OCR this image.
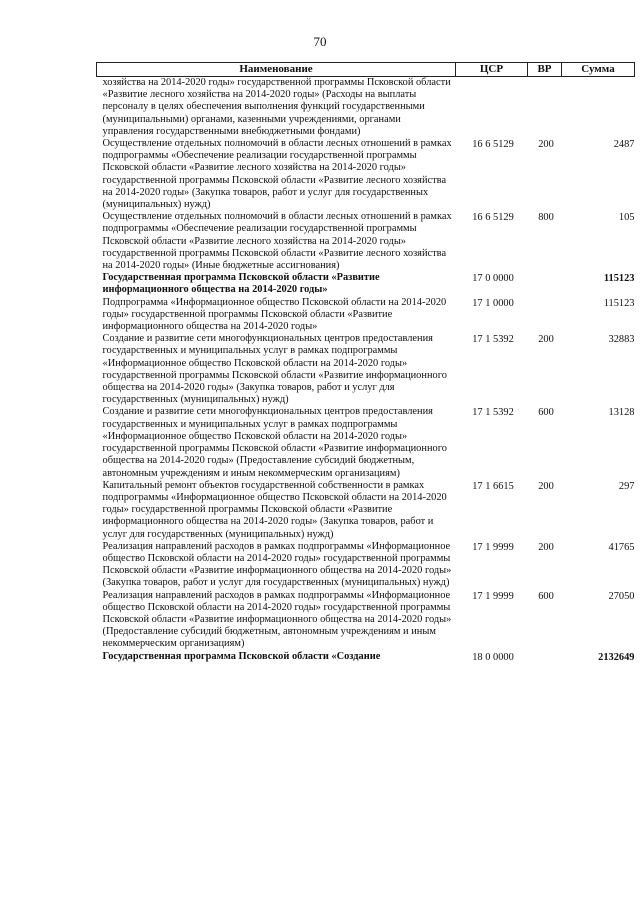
70
Наименование	ЦСР	ВР	Сумма
хозяйства на 2014-2020 годы» государственной программы Псковской области «Развитие лесного хозяйства на 2014-2020 годы» (Расходы на выплаты персоналу в целях обеспечения выполнения функций государственными (муниципальными) органами, казенными учреждениями, органами управления государственными внебюджетными фондами)			
Осуществление отдельных полномочий в области лесных отношений в рамках подпрограммы «Обеспечение реализации государственной программы Псковской области «Развитие лесного хозяйства на 2014-2020 годы» государственной программы Псковской области «Развитие лесного хозяйства на 2014-2020 годы» (Закупка товаров, работ и услуг для государственных (муниципальных) нужд)	16 6 5129	200	2487
Осуществление отдельных полномочий в области лесных отношений в рамках подпрограммы «Обеспечение реализации государственной программы Псковской области «Развитие лесного хозяйства на 2014-2020 годы» государственной программы Псковской области «Развитие лесного хозяйства на 2014-2020 годы» (Иные бюджетные ассигнования)	16 6 5129	800	105
Государственная программа Псковской области «Развитие информационного общества на 2014-2020 годы»	17 0 0000		115123
Подпрограмма «Информационное общество Псковской области на 2014-2020 годы» государственной программы Псковской области «Развитие информационного общества на 2014-2020 годы»	17 1 0000		115123
Создание и развитие сети многофункциональных центров предоставления государственных и муниципальных услуг в рамках подпрограммы «Информационное общество Псковской области на 2014-2020 годы» государственной программы Псковской области «Развитие информационного общества на 2014-2020 годы» (Закупка товаров, работ и услуг для государственных (муниципальных) нужд)	17 1 5392	200	32883
Создание и развитие сети многофункциональных центров предоставления государственных и муниципальных услуг в рамках подпрограммы «Информационное общество Псковской области на 2014-2020 годы» государственной программы Псковской области «Развитие информационного общества на 2014-2020 годы» (Предоставление субсидий бюджетным, автономным учреждениям и иным некоммерческим организациям)	17 1 5392	600	13128
Капитальный ремонт объектов государственной собственности в рамках подпрограммы «Информационное общество Псковской области на 2014-2020 годы» государственной программы Псковской области «Развитие информационного общества на 2014-2020 годы» (Закупка товаров, работ и услуг для государственных (муниципальных) нужд)	17 1 6615	200	297
Реализация направлений расходов в рамках подпрограммы «Информационное общество Псковской области на 2014-2020 годы» государственной программы Псковской области «Развитие информационного общества на 2014-2020 годы» (Закупка товаров, работ и услуг для государственных (муниципальных) нужд)	17 1 9999	200	41765
Реализация направлений расходов в рамках подпрограммы «Информационное общество Псковской области на 2014-2020 годы» государственной программы Псковской области «Развитие информационного общества на 2014-2020 годы» (Предоставление субсидий бюджетным, автономным учреждениям и иным некоммерческим организациям)	17 1 9999	600	27050
Государственная программа Псковской области «Создание	18 0 0000		2132649
